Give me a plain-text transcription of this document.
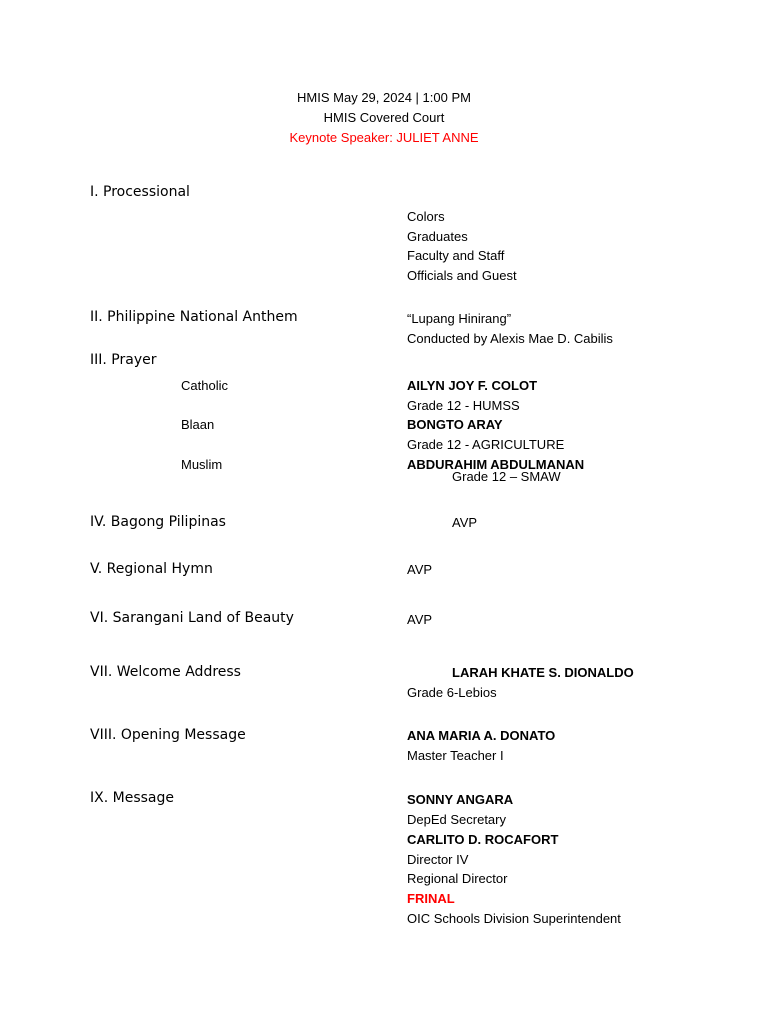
HMIS May 29, 2024 | 1:00 PM
HMIS Covered Court
Keynote Speaker: JULIET ANNE
I. Processional
Colors
Graduates
Faculty and Staff
Officials and Guest
II. Philippine National Anthem	“Lupang Hinirang”
Conducted by Alexis Mae D. Cabilis
III. Prayer
Catholic	AILYN JOY F. COLOT
Grade 12 - HUMSS
Blaan	BONGTO ARAY
Grade 12 - AGRICULTURE
Muslim	ABDURAHIM ABDULMANAN
Grade 12 – SMAW
IV. Bagong Pilipinas	AVP
V. Regional Hymn	AVP
VI. Sarangani Land of Beauty	AVP
VII. Welcome Address	LARAH KHATE S. DIONALDO
Grade 6-Lebios
VIII. Opening Message	ANA MARIA A. DONATO
Master Teacher I
IX. Message	SONNY ANGARA
DepEd Secretary
CARLITO D. ROCAFORT
Director IV
Regional Director
FRINAL
OIC Schools Division Superintendent
